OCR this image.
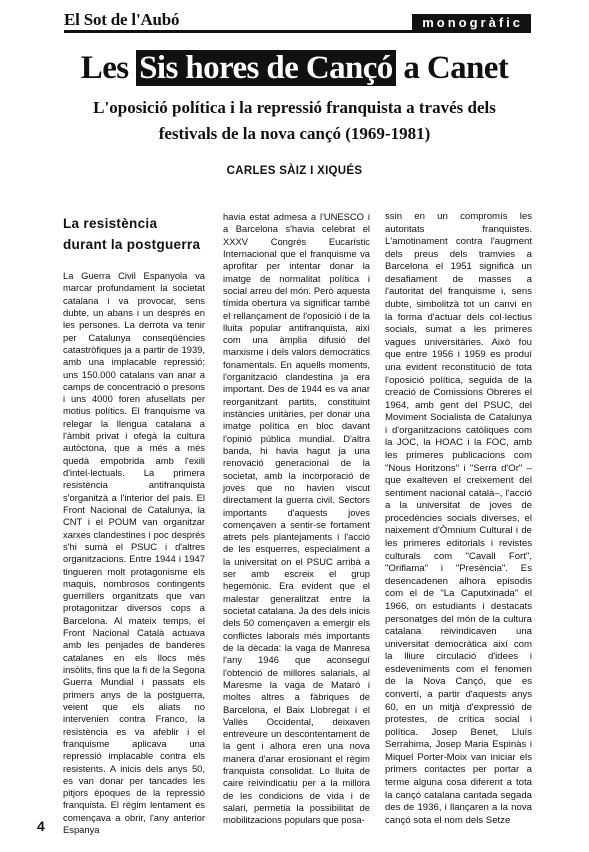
El Sot de l'Aubó	monogràfic
Les Sis hores de Cançó a Canet
L'oposició política i la repressió franquista a través dels festivals de la nova cançó (1969-1981)
CARLES SÀIZ I XIQUÉS
La resistència durant la postguerra

La Guerra Civil Espanyola va marcar profundament la societat catalana i va provocar, sens dubte, un abans i un després en les persones. La derrota va tenir per Catalunya conseqüències catastròfiques ja a partir de 1939, amb una implacable repressió; uns 150.000 catalans van anar a camps de concentració o presons i uns 4000 foren afusellats per motius polítics. El franquisme va relegar la llengua catalana a l'àmbit privat i ofegà la cultura autòctona, que a més a més quedà empobrida amb l'exili d'intel·lectuals. La primera resistència antifranquista s'organitzà a l'interior del país. El Front Nacional de Catalunya, la CNT i el POUM van organitzar xarxes clandestines i poc després s'hi sumà el PSUC i d'altres organitzacions. Entre 1944 i 1947 tingueren molt protagonisme els maquis, nombrosos contingents guerrillers organitzats que van protagonitzar diversos cops a Barcelona. Al mateix temps, el Front Nacional Català actuava amb les penjades de banderes catalanes en els llocs més insòlits, fins que la fi de la Segona Guerra Mundial i passats els primers anys de la postguerra, veient que els aliats no intervenien contra Franco, la resistència es va afeblir i el franquisme aplicava una repressió implacable contra els resistents. A inicis dels anys 50, es van donar per tancades les pitjors èpoques de la repressió franquista. El règim lentament es començava a obrir, l'any anterior Espanya

havia estat admesa a l'UNESCO i a Barcelona s'havia celebrat el XXXV Congrés Eucarístic Internacional que el franquisme va aprofitar per intentar donar la imatge de normalitat política i social arreu del món. Però aquesta tímida obertura va significar també el rellançament de l'oposició i de la lluita popular antifranquista, així com una àmplia difusió del marxisme i dels valors democràtics fonamentals. En aquells moments, l'organització clandestina ja era important. Des de 1944 es va anar reorganitzant partits, constituint instàncies unitàries, per donar una imatge política en bloc davant l'opinió pública mundial. D'altra banda, hi havia hagut ja una renovació generacional de la societat, amb la incorporació de joves que no havien viscut directament la guerra civil. Sectors importants d'aquests joves començaven a sentir-se fortament atrets pels plantejaments i l'acció de les esquerres, especialment a la universitat on el PSUC arribà a ser amb escreix el grup hegemònic. Era evident que el malestar generalitzat entre la societat catalana. Ja des dels inicis dels 50 començaven a emergir els conflictes laborals més importants de la dècada: la vaga de Manresa l'any 1946 que aconseguí l'obtenció de millores salarials, al Maresme la vaga de Mataró i moltes altres a fàbriques de Barcelona, el Baix Llobregat i el Vallès Occidental, deixaven entreveure un descontentament de la gent i alhora eren una nova manera d'anar erosionant el règim franquista consolidat. Lo lluita de caire reivindicatiu per a la millora de les condicions de vida i de salari, permetia la possibilitat de mobilitzacions populars que posa-

ssin en un compromís les autoritats franquistes. L'amotinament contra l'augment dels preus dels tramvies a Barcelona el 1951 significà un desafiament de masses a l'autoritat del franquisme i, sens dubte, simbolitzà tot un canvi en la forma d'actuar dels col·lectius socials, sumat a les primeres vagues universitàries. Això fou que entre 1956 i 1959 es produí una evident reconstitució de tota l'oposició política, seguida de la creació de Comissions Obreres el 1964, amb gent del PSUC, del Moviment Socialista de Catalunya i d'organitzacions catòliques com la JOC, la HOAC i la FOC, amb les primeres publicacions com "Nous Horitzons" i "Serra d'Or" –que exalteven el creixement del sentiment nacional català–, l'acció a la universitat de joves de procedències socials diverses, el naixement d'Òmnium Cultural i de les primeres editorials i revistes culturals com "Cavall Fort", "Oriflama" i "Presència". Es desencadenen alhora episodis com el de "La Caputxinada" el 1966, on estudiants i destacats personatges del món de la cultura catalana reivindicaven una universitat democràtica així com la lliure circulació d'idees i esdeveniments com el fenomen de la Nova Cançó, que es convertí, a partir d'aquests anys 60, en un mitjà d'expressió de protestes, de crítica social i política. Josep Benet, Lluís Serrahima, Josep Maria Espinàs i Miquel Porter-Moix van iniciar els primers contactes per portar a terme alguna cosa diferent a tota la cançó catalana cantada segada des de 1936, i llançaren a la nova cançó sota el nom dels Setze

4
